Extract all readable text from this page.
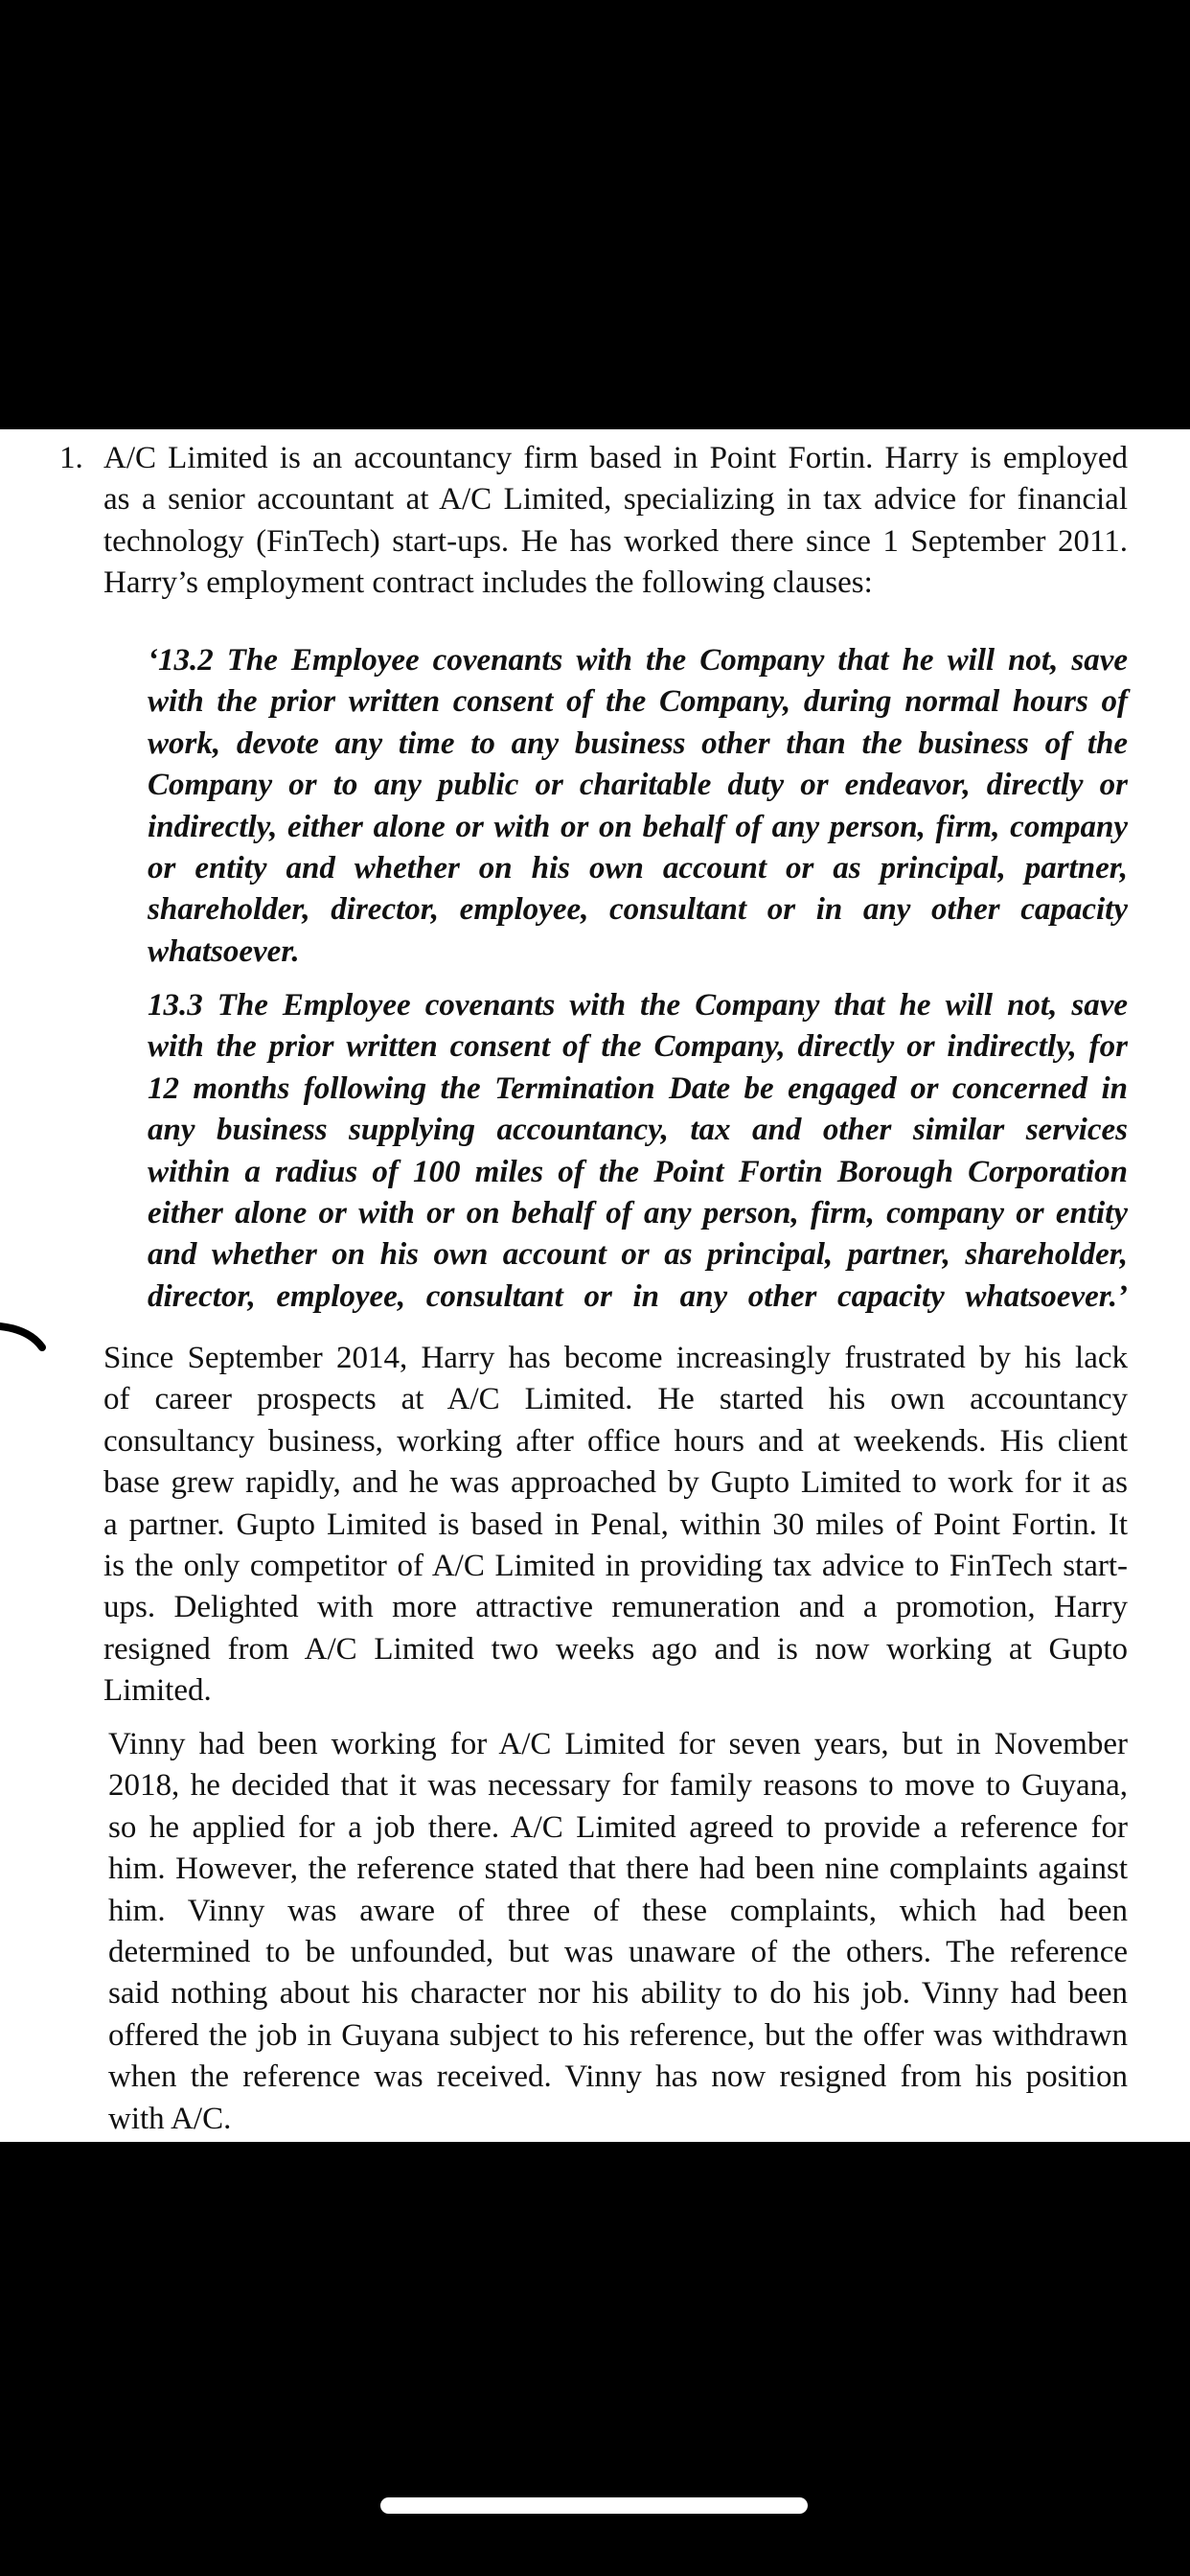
1. A/C Limited is an accountancy firm based in Point Fortin. Harry is employed
as a senior accountant at A/C Limited, specializing in tax advice for financial
technology (FinTech) start-ups. He has worked there since 1 September 2011.
Harry’s employment contract includes the following clauses:
‘13.2 The Employee covenants with the Company that he will not, save
with the prior written consent of the Company, during normal hours of
work, devote any time to any business other than the business of the
Company or to any public or charitable duty or endeavor, directly or
indirectly, either alone or with or on behalf of any person, firm, company
or entity and whether on his own account or as principal, partner,
shareholder, director, employee, consultant or in any other capacity
whatsoever.
13.3 The Employee covenants with the Company that he will not, save
with the prior written consent of the Company, directly or indirectly, for
12 months following the Termination Date be engaged or concerned in
any business supplying accountancy, tax and other similar services
within a radius of 100 miles of the Point Fortin Borough Corporation
either alone or with or on behalf of any person, firm, company or entity
and whether on his own account or as principal, partner, shareholder,
director, employee, consultant or in any other capacity whatsoever.’
Since September 2014, Harry has become increasingly frustrated by his lack
of career prospects at A/C Limited. He started his own accountancy
consultancy business, working after office hours and at weekends. His client
base grew rapidly, and he was approached by Gupto Limited to work for it as
a partner. Gupto Limited is based in Penal, within 30 miles of Point Fortin. It
is the only competitor of A/C Limited in providing tax advice to FinTech start-
ups. Delighted with more attractive remuneration and a promotion, Harry
resigned from A/C Limited two weeks ago and is now working at Gupto
Limited.
Vinny had been working for A/C Limited for seven years, but in November
2018, he decided that it was necessary for family reasons to move to Guyana,
so he applied for a job there. A/C Limited agreed to provide a reference for
him. However, the reference stated that there had been nine complaints against
him. Vinny was aware of three of these complaints, which had been
determined to be unfounded, but was unaware of the others. The reference
said nothing about his character nor his ability to do his job. Vinny had been
offered the job in Guyana subject to his reference, but the offer was withdrawn
when the reference was received. Vinny has now resigned from his position
with A/C.
